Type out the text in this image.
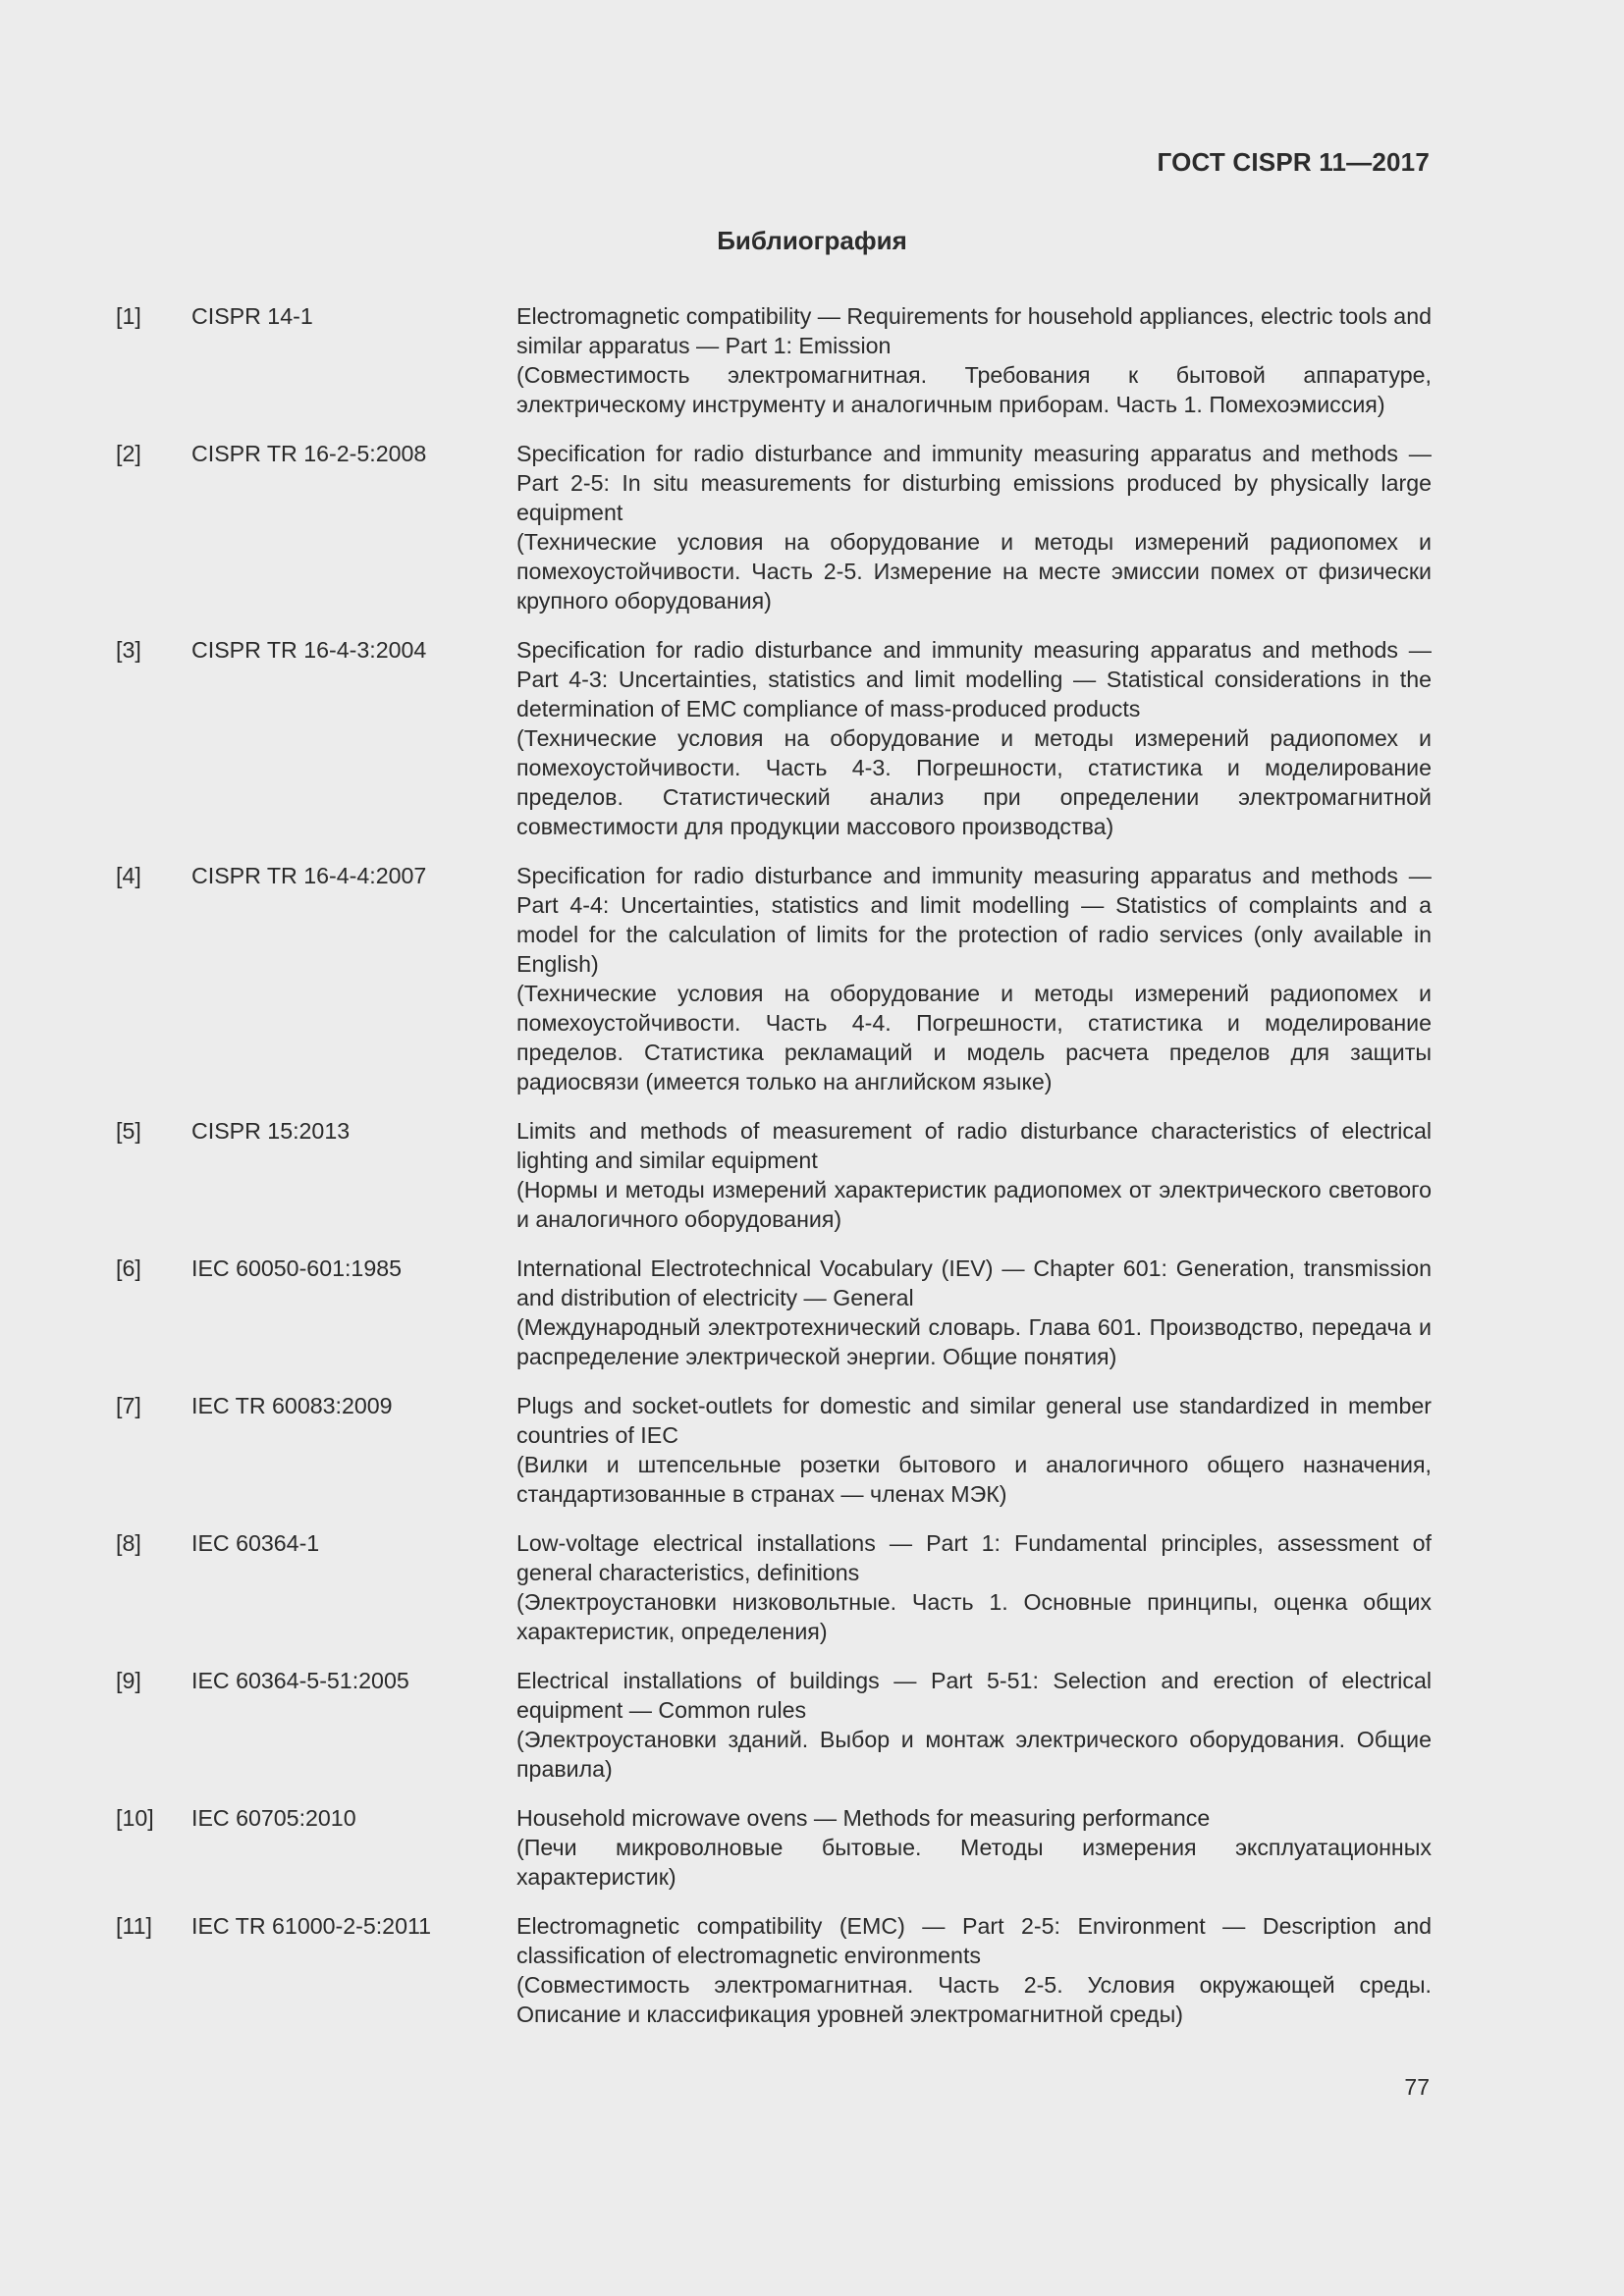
ГОСТ CISPR 11—2017
Библиография
[1]	CISPR 14-1	Electromagnetic compatibility — Requirements for household appliances, electric tools and similar apparatus — Part 1: Emission
(Совместимость электромагнитная. Требования к бытовой аппаратуре, электрическому инструменту и аналогичным приборам. Часть 1. Помехоэмиссия)
[2]	CISPR TR 16-2-5:2008	Specification for radio disturbance and immunity measuring apparatus and methods — Part 2-5: In situ measurements for disturbing emissions produced by physically large equipment
(Технические условия на оборудование и методы измерений радиопомех и помехоустойчивости. Часть 2-5. Измерение на месте эмиссии помех от физически крупного оборудования)
[3]	CISPR TR 16-4-3:2004	Specification for radio disturbance and immunity measuring apparatus and methods — Part 4-3: Uncertainties, statistics and limit modelling — Statistical considerations in the determination of EMC compliance of mass-produced products
(Технические условия на оборудование и методы измерений радиопомех и помехоустойчивости. Часть 4-3. Погрешности, статистика и моделирование пределов. Статистический анализ при определении электромагнитной совместимости для продукции массового производства)
[4]	CISPR TR 16-4-4:2007	Specification for radio disturbance and immunity measuring apparatus and methods — Part 4-4: Uncertainties, statistics and limit modelling — Statistics of complaints and a model for the calculation of limits for the protection of radio services (only available in English)
(Технические условия на оборудование и методы измерений радиопомех и помехоустойчивости. Часть 4-4. Погрешности, статистика и моделирование пределов. Статистика рекламаций и модель расчета пределов для защиты радиосвязи (имеется только на английском языке)
[5]	CISPR 15:2013	Limits and methods of measurement of radio disturbance characteristics of electrical lighting and similar equipment
(Нормы и методы измерений характеристик радиопомех от электрического светового и аналогичного оборудования)
[6]	IEC 60050-601:1985	International Electrotechnical Vocabulary (IEV) — Chapter 601: Generation, transmission and distribution of electricity — General
(Международный электротехнический словарь. Глава 601. Производство, передача и распределение электрической энергии. Общие понятия)
[7]	IEC TR 60083:2009	Plugs and socket-outlets for domestic and similar general use standardized in member countries of IEC
(Вилки и штепсельные розетки бытового и аналогичного общего назначения, стандартизованные в странах — членах МЭК)
[8]	IEC 60364-1	Low-voltage electrical installations — Part 1: Fundamental principles, assessment of general characteristics, definitions
(Электроустановки низковольтные. Часть 1. Основные принципы, оценка общих характеристик, определения)
[9]	IEC 60364-5-51:2005	Electrical installations of buildings — Part 5-51: Selection and erection of electrical equipment — Common rules
(Электроустановки зданий. Выбор и монтаж электрического оборудования. Общие правила)
[10]	IEC 60705:2010	Household microwave ovens — Methods for measuring performance
(Печи микроволновые бытовые. Методы измерения эксплуатационных характеристик)
[11]	IEC TR 61000-2-5:2011	Electromagnetic compatibility (EMC) — Part 2-5: Environment — Description and classification of electromagnetic environments
(Совместимость электромагнитная. Часть 2-5. Условия окружающей среды. Описание и классификация уровней электромагнитной среды)
77
